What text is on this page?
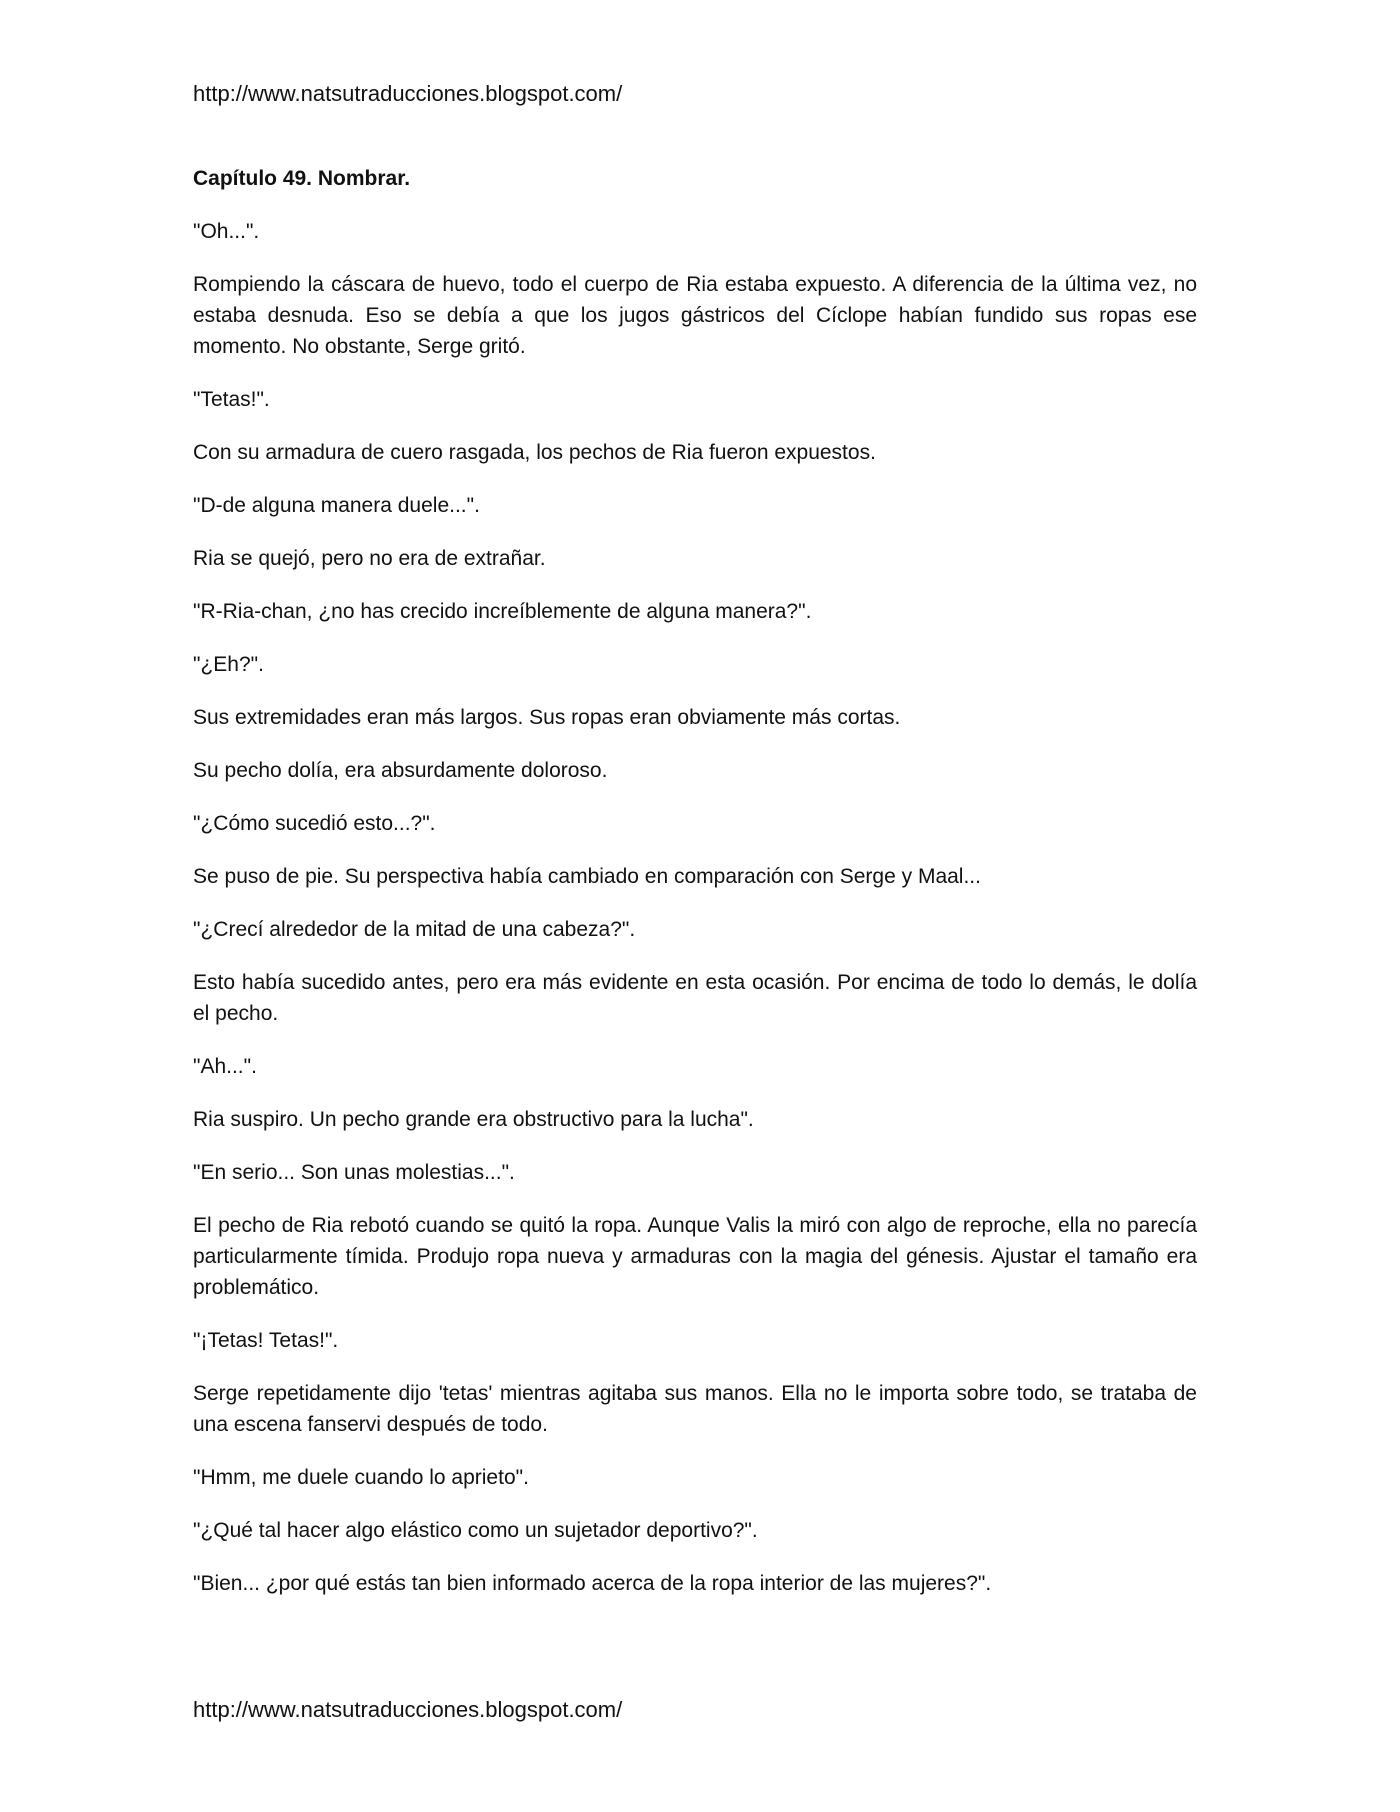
http://www.natsutraducciones.blogspot.com/
Capítulo 49. Nombrar.

"Oh...".

Rompiendo la cáscara de huevo, todo el cuerpo de Ria estaba expuesto. A diferencia de la última vez, no estaba desnuda. Eso se debía a que los jugos gástricos del Cíclope habían fundido sus ropas ese momento. No obstante, Serge gritó.

"Tetas!".

Con su armadura de cuero rasgada, los pechos de Ria fueron expuestos.

"D-de alguna manera duele...".

Ria se quejó, pero no era de extrañar.

"R-Ria-chan, ¿no has crecido increíblemente de alguna manera?".

"¿Eh?".

Sus extremidades eran más largos. Sus ropas eran obviamente más cortas.

Su pecho dolía, era absurdamente doloroso.

"¿Cómo sucedió esto...?".

Se puso de pie. Su perspectiva había cambiado en comparación con Serge y Maal...

"¿Crecí alrededor de la mitad de una cabeza?".

Esto había sucedido antes, pero era más evidente en esta ocasión. Por encima de todo lo demás, le dolía el pecho.

"Ah...".

Ria suspiro. Un pecho grande era obstructivo para la lucha".

"En serio... Son unas molestias...".

El pecho de Ria rebotó cuando se quitó la ropa. Aunque Valis la miró con algo de reproche, ella no parecía particularmente tímida. Produjo ropa nueva y armaduras con la magia del génesis. Ajustar el tamaño era problemático.

"¡Tetas! Tetas!".

Serge repetidamente dijo 'tetas' mientras agitaba sus manos. Ella no le importa sobre todo, se trataba de una escena fanservi después de todo.

"Hmm, me duele cuando lo aprieto".

"¿Qué tal hacer algo elástico como un sujetador deportivo?".

"Bien... ¿por qué estás tan bien informado acerca de la ropa interior de las mujeres?".

http://www.natsutraducciones.blogspot.com/
